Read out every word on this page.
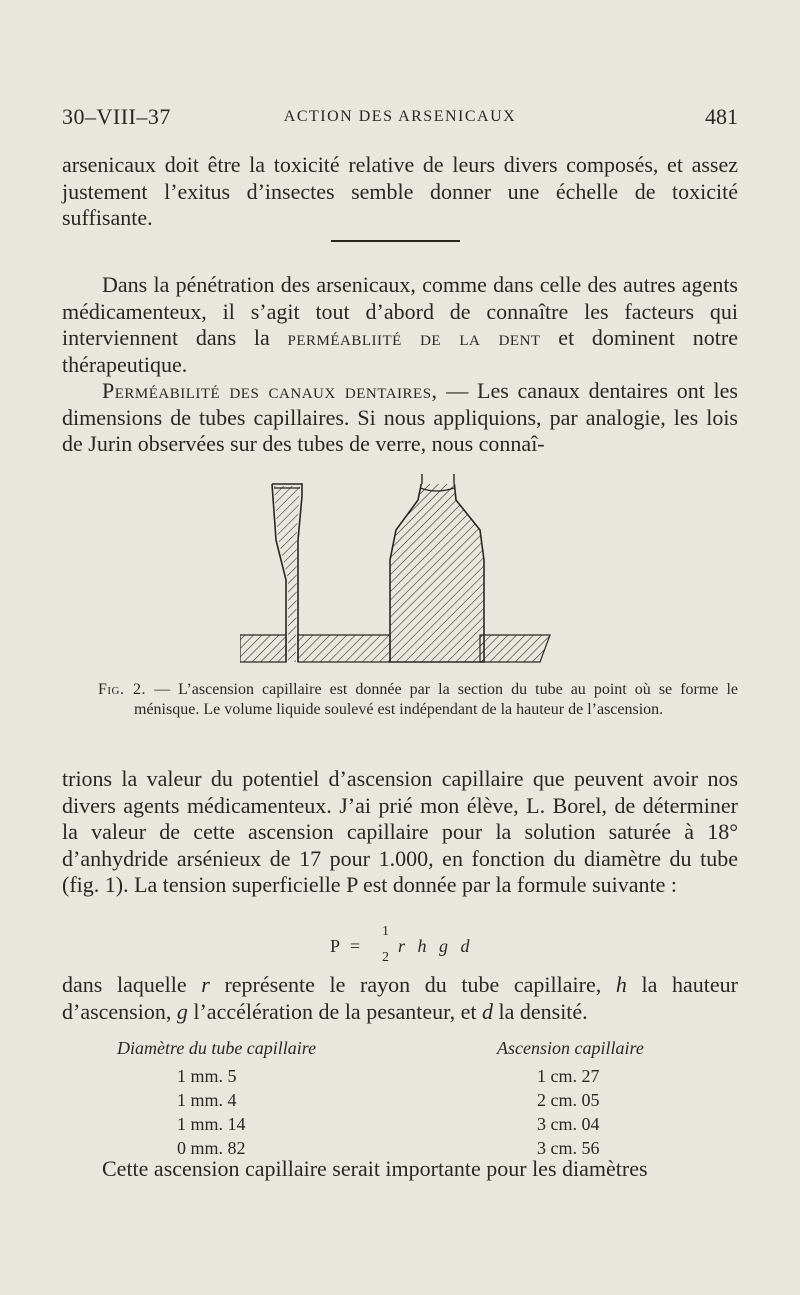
30–VIII–37	ACTION DES ARSENICAUX	481

arsenicaux doit être la toxicité relative de leurs divers composés, et assez justement l’exitus d’insectes semble donner une échelle de toxicité suffisante.

Dans la pénétration des arsenicaux, comme dans celle des autres agents médicamenteux, il s’agit tout d’abord de connaître les facteurs qui interviennent dans la perméabliité de la dent et dominent notre thérapeutique.

Perméabilité des canaux dentaires, — Les canaux dentaires ont les dimensions de tubes capillaires. Si nous appliquions, par analogie, les lois de Jurin observées sur des tubes de verre, nous connaî-

Fig. 2. — L’ascension capillaire est donnée par la section du tube au point où se forme le ménisque. Le volume liquide soulevé est indépendant de la hauteur de l’ascension.

trions la valeur du potentiel d’ascension capillaire que peuvent avoir nos divers agents médicamenteux. J’ai prié mon élève, L. Borel, de déterminer la valeur de cette ascension capillaire pour la solution saturée à 18° d’anhydride arsénieux de 17 pour 1.000, en fonction du diamètre du tube (fig. 1). La tension superficielle P est donnée par la formule suivante :

P =
1
2
r h g d

dans laquelle r représente le rayon du tube capillaire, h la hauteur d’ascension, g l’accélération de la pesanteur, et d la densité.

Diamètre du tube capillaire	Ascension capillaire
1 mm. 5	1 cm. 27
1 mm. 4	2 cm. 05
1 mm. 14	3 cm. 04
0 mm. 82	3 cm. 56

Cette ascension capillaire serait importante pour les diamètres
